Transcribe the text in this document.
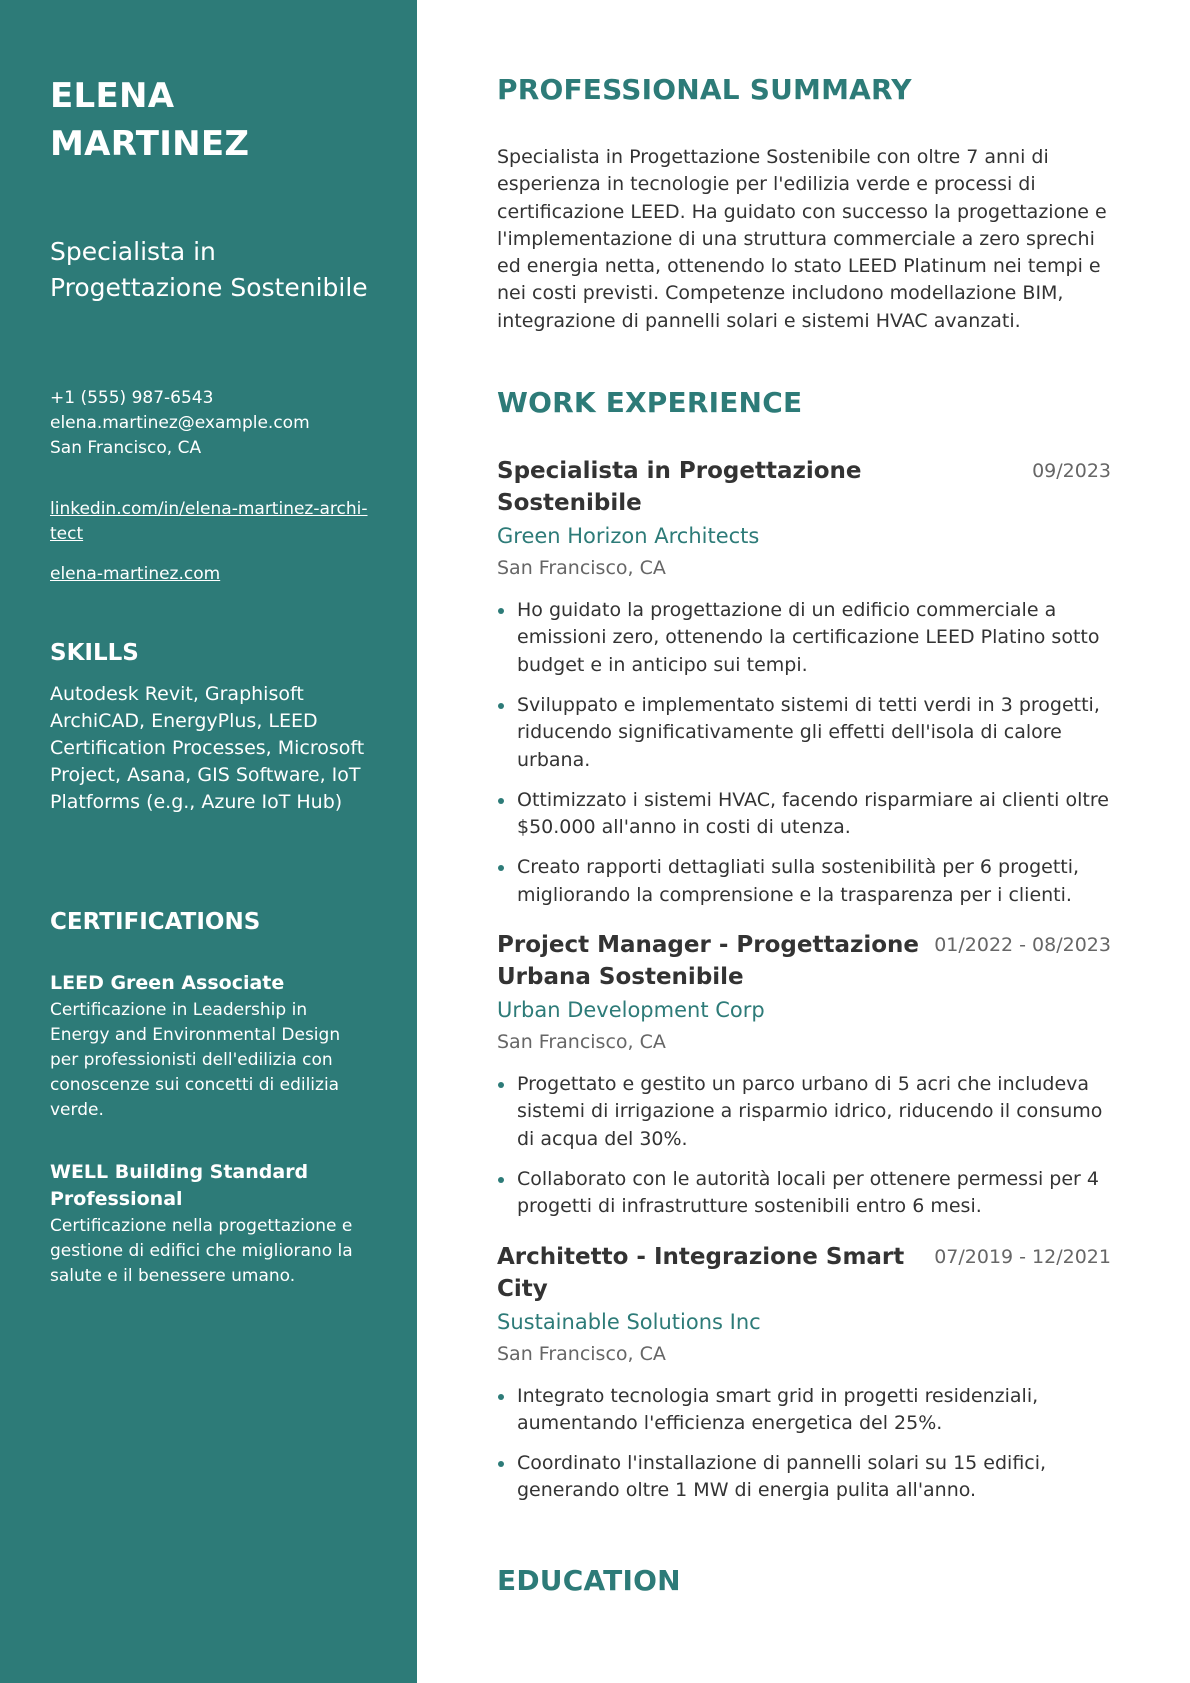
ELENA MARTINEZ
Specialista in Progettazione Sostenibile
+1 (555) 987-6543
elena.martinez@example.com
San Francisco, CA
linkedin.com/in/elena-martinez-archi-tect
elena-martinez.com
SKILLS
Autodesk Revit, Graphisoft ArchiCAD, EnergyPlus, LEED Certification Processes, Microsoft Project, Asana, GIS Software, IoT Platforms (e.g., Azure IoT Hub)
CERTIFICATIONS
LEED Green Associate
Certificazione in Leadership in Energy and Environmental Design per professionisti dell'edilizia con conoscenze sui concetti di edilizia verde.
WELL Building Standard Professional
Certificazione nella progettazione e gestione di edifici che migliorano la salute e il benessere umano.
PROFESSIONAL SUMMARY

Specialista in Progettazione Sostenibile con oltre 7 anni di esperienza in tecnologie per l'edilizia verde e processi di certificazione LEED. Ha guidato con successo la progettazione e l'implementazione di una struttura commerciale a zero sprechi ed energia netta, ottenendo lo stato LEED Platinum nei tempi e nei costi previsti. Competenze includono modellazione BIM, integrazione di pannelli solari e sistemi HVAC avanzati.

WORK EXPERIENCE
Specialista in Progettazione Sostenibile
09/2023
Green Horizon Architects
San Francisco, CA
Ho guidato la progettazione di un edificio commerciale a emissioni zero, ottenendo la certificazione LEED Platino sotto budget e in anticipo sui tempi.
Sviluppato e implementato sistemi di tetti verdi in 3 progetti, riducendo significativamente gli effetti dell'isola di calore urbana.
Ottimizzato i sistemi HVAC, facendo risparmiare ai clienti oltre $50.000 all'anno in costi di utenza.
Creato rapporti dettagliati sulla sostenibilità per 6 progetti, migliorando la comprensione e la trasparenza per i clienti.
Project Manager - Progettazione Urbana Sostenibile
01/2022 - 08/2023
Urban Development Corp
San Francisco, CA
Progettato e gestito un parco urbano di 5 acri che includeva sistemi di irrigazione a risparmio idrico, riducendo il consumo di acqua del 30%.
Collaborato con le autorità locali per ottenere permessi per 4 progetti di infrastrutture sostenibili entro 6 mesi.
Architetto - Integrazione Smart City
07/2019 - 12/2021
Sustainable Solutions Inc
San Francisco, CA
Integrato tecnologia smart grid in progetti residenziali, aumentando l'efficienza energetica del 25%.
Coordinato l'installazione di pannelli solari su 15 edifici, generando oltre 1 MW di energia pulita all'anno.
EDUCATION
